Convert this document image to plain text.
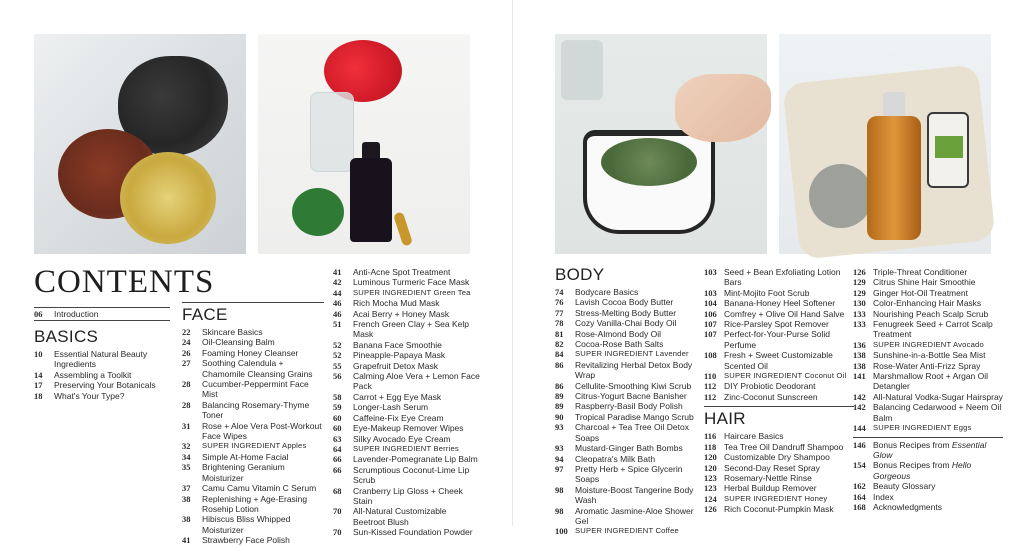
CONTENTS
06	Introduction
BASICS
10	Essential Natural Beauty Ingredients
14	Assembling a Toolkit
17	Preserving Your Botanicals
18	What's Your Type?
FACE
22	Skincare Basics
24	Oil-Cleansing Balm
26	Foaming Honey Cleanser
27	Soothing Calendula + Chamomile Cleansing Grains
28	Cucumber-Peppermint Face Mist
28	Balancing Rosemary-Thyme Toner
31	Rose + Aloe Vera Post-Workout Face Wipes
32	SUPER INGREDIENT Apples
34	Simple At-Home Facial
35	Brightening Geranium Moisturizer
37	Camu Camu Vitamin C Serum
38	Replenishing + Age-Erasing Rosehip Lotion
38	Hibiscus Bliss Whipped Moisturizer
41	Strawberry Face Polish
41	Anti-Acne Spot Treatment
42	Luminous Turmeric Face Mask
44	SUPER INGREDIENT Green Tea
46	Rich Mocha Mud Mask
46	Acai Berry + Honey Mask
51	French Green Clay + Sea Kelp Mask
52	Banana Face Smoothie
52	Pineapple-Papaya Mask
55	Grapefruit Detox Mask
56	Calming Aloe Vera + Lemon Face Pack
58	Carrot + Egg Eye Mask
59	Longer-Lash Serum
60	Caffeine-Fix Eye Cream
60	Eye-Makeup Remover Wipes
63	Silky Avocado Eye Cream
64	SUPER INGREDIENT Berries
66	Lavender-Pomegranate Lip Balm
66	Scrumptious Coconut-Lime Lip Scrub
68	Cranberry Lip Gloss + Cheek Stain
70	All-Natural Customizable Beetroot Blush
70	Sun-Kissed Foundation Powder
BODY
74	Bodycare Basics
76	Lavish Cocoa Body Butter
77	Stress-Melting Body Butter
78	Cozy Vanilla-Chai Body Oil
81	Rose-Almond Body Oil
82	Cocoa-Rose Bath Salts
84	SUPER INGREDIENT Lavender
86	Revitalizing Herbal Detox Body Wrap
86	Cellulite-Smoothing Kiwi Scrub
89	Citrus-Yogurt Bacne Banisher
89	Raspberry-Basil Body Polish
90	Tropical Paradise Mango Scrub
93	Charcoal + Tea Tree Oil Detox Soaps
93	Mustard-Ginger Bath Bombs
94	Cleopatra's Milk Bath
97	Pretty Herb + Spice Glycerin Soaps
98	Moisture-Boost Tangerine Body Wash
98	Aromatic Jasmine-Aloe Shower Gel
100 SUPER INGREDIENT Coffee
103 Seed + Bean Exfoliating Lotion Bars
103 Mint-Mojito Foot Scrub
104 Banana-Honey Heel Softener
106 Comfrey + Olive Oil Hand Salve
107 Rice-Parsley Spot Remover
107 Perfect-for-Your-Purse Solid Perfume
108 Fresh + Sweet Customizable Scented Oil
110	SUPER INGREDIENT Coconut Oil
112 DIY Probiotic Deodorant
112 Zinc-Coconut Sunscreen
HAIR
116 Haircare Basics
118 Tea Tree Oil Dandruff Shampoo
120 Customizable Dry Shampoo
120 Second-Day Reset Spray
123 Rosemary-Nettle Rinse
123 Herbal Buildup Remover
124 SUPER INGREDIENT Honey
126 Rich Coconut-Pumpkin Mask
126 Triple-Threat Conditioner
129 Citrus Shine Hair Smoothie
129 Ginger Hot-Oil Treatment
130 Color-Enhancing Hair Masks
133 Nourishing Peach Scalp Scrub
133 Fenugreek Seed + Carrot Scalp Treatment
136 SUPER INGREDIENT Avocado
138 Sunshine-in-a-Bottle Sea Mist
138 Rose-Water Anti-Frizz Spray
141 Marshmallow Root + Argan Oil Detangler
142 All-Natural Vodka-Sugar Hairspray
142 Balancing Cedarwood + Neem Oil Balm
144 SUPER INGREDIENT Eggs
146 Bonus Recipes from Essential Glow
154 Bonus Recipes from Hello Gorgeous
162 Beauty Glossary
164 Index
168 Acknowledgments
